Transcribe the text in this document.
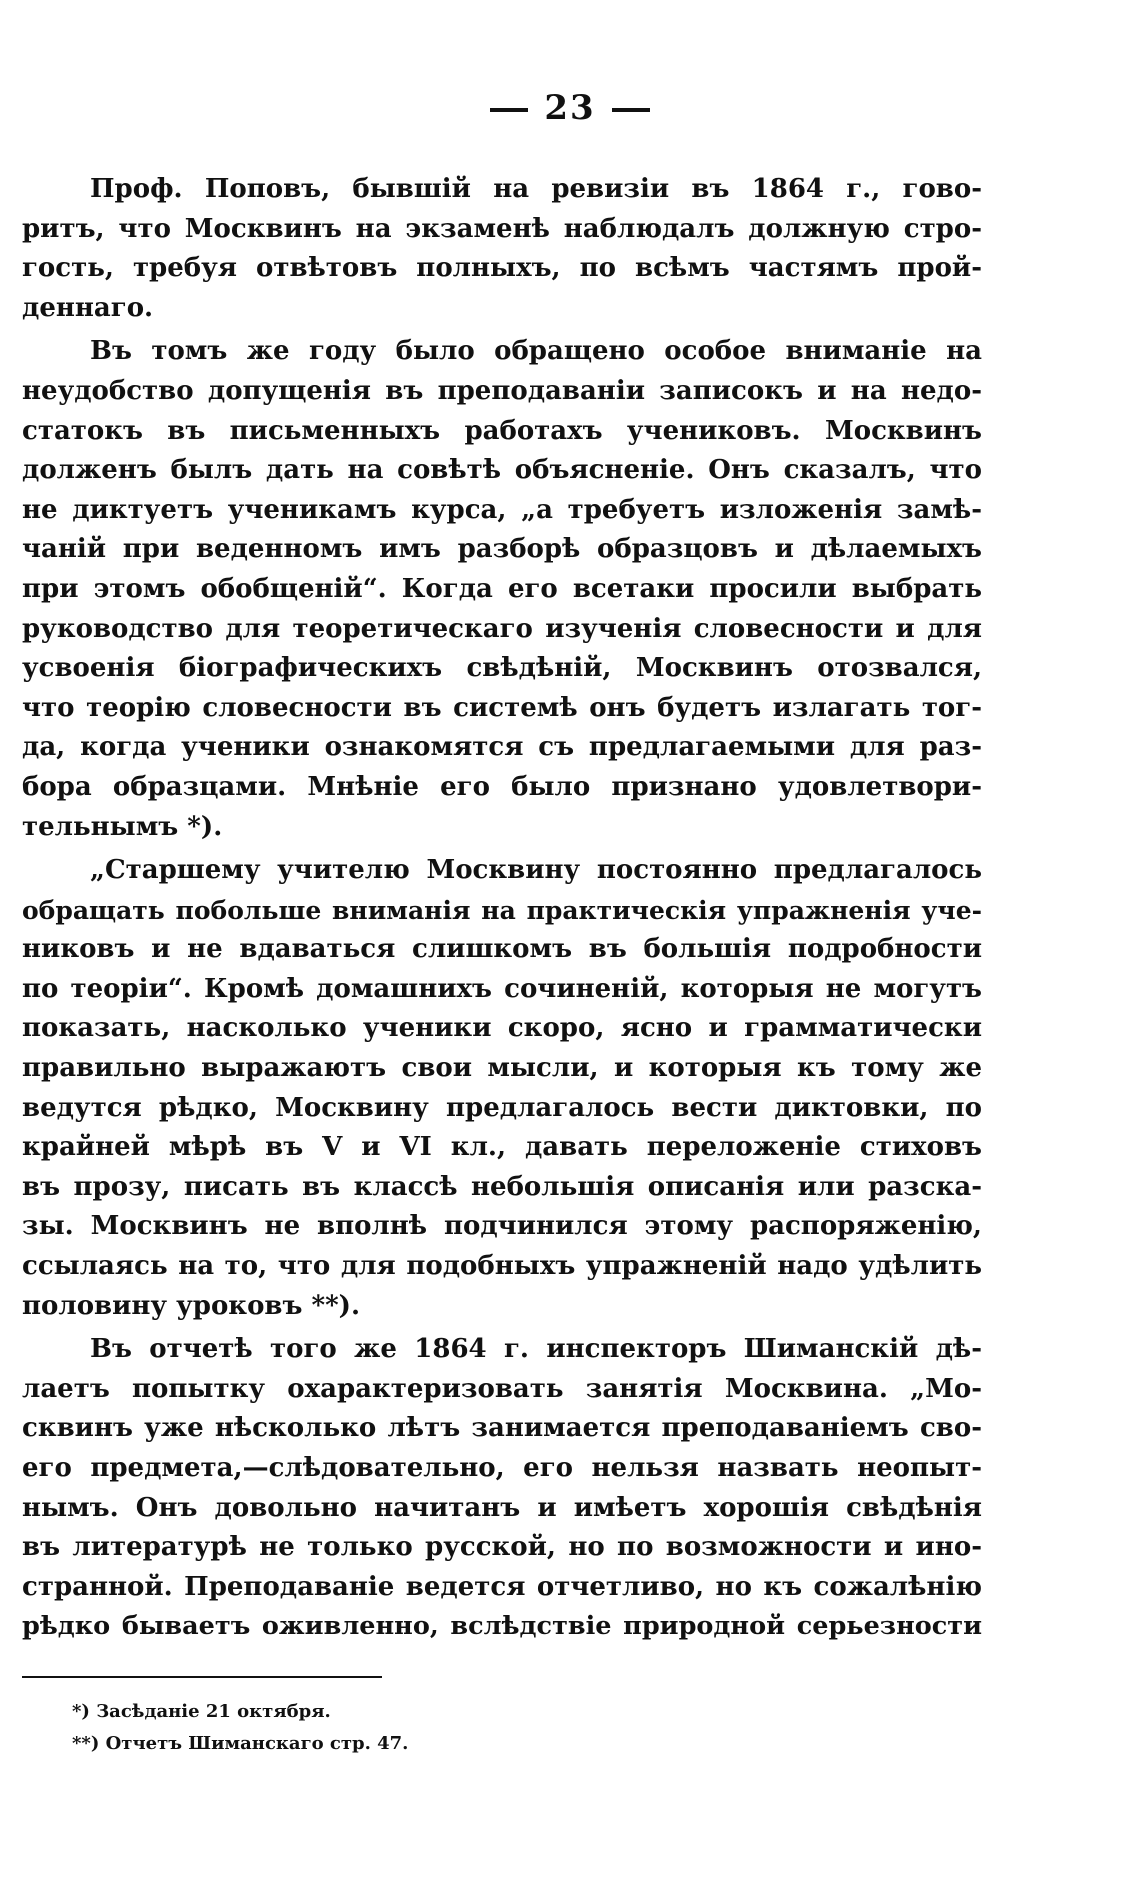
23
Проф. Поповъ, бывшій на ревизіи въ 1864 г., гово-
ритъ, что Москвинъ на экзаменѣ наблюдалъ должную стро-
гость, требуя отвѣтовъ полныхъ, по всѣмъ частямъ прой-
деннаго.
Въ томъ же году было обращено особое вниманіе на
неудобство допущенія въ преподаваніи записокъ и на недо-
статокъ въ письменныхъ работахъ учениковъ. Москвинъ
долженъ былъ дать на совѣтѣ объясненіе. Онъ сказалъ, что
не диктуетъ ученикамъ курса, „а требуетъ изложенія замѣ-
чаній при веденномъ имъ разборѣ образцовъ и дѣлаемыхъ
при этомъ обобщеній“. Когда его всетаки просили выбрать
руководство для теоретическаго изученія словесности и для
усвоенія біографическихъ свѣдѣній, Москвинъ отозвался,
что теорію словесности въ системѣ онъ будетъ излагать тог-
да, когда ученики ознакомятся съ предлагаемыми для раз-
бора образцами. Мнѣніе его было признано удовлетвори-
тельнымъ *).
„Старшему учителю Москвину постоянно предлагалось
обращать побольше вниманія на практическія упражненія уче-
никовъ и не вдаваться слишкомъ въ большія подробности
по теоріи“. Кромѣ домашнихъ сочиненій, которыя не могутъ
показать, насколько ученики скоро, ясно и грамматически
правильно выражаютъ свои мысли, и которыя къ тому же
ведутся рѣдко, Москвину предлагалось вести диктовки, по
крайней мѣрѣ въ V и VI кл., давать переложеніе стиховъ
въ прозу, писать въ классѣ небольшія описанія или разска-
зы. Москвинъ не вполнѣ подчинился этому распоряженію,
ссылаясь на то, что для подобныхъ упражненій надо удѣлить
половину уроковъ **).
Въ отчетѣ того же 1864 г. инспекторъ Шиманскій дѣ-
лаетъ попытку охарактеризовать занятія Москвина. „Мо-
сквинъ уже нѣсколько лѣтъ занимается преподаваніемъ сво-
его предмета,—слѣдовательно, его нельзя назвать неопыт-
нымъ. Онъ довольно начитанъ и имѣетъ хорошія свѣдѣнія
въ литературѣ не только русской, но по возможности и ино-
странной. Преподаваніе ведется отчетливо, но къ сожалѣнію
рѣдко бываетъ оживленно, вслѣдствіе природной серьезности
*) Засѣданіе 21 октября.
**) Отчетъ Шиманскаго стр. 47.
